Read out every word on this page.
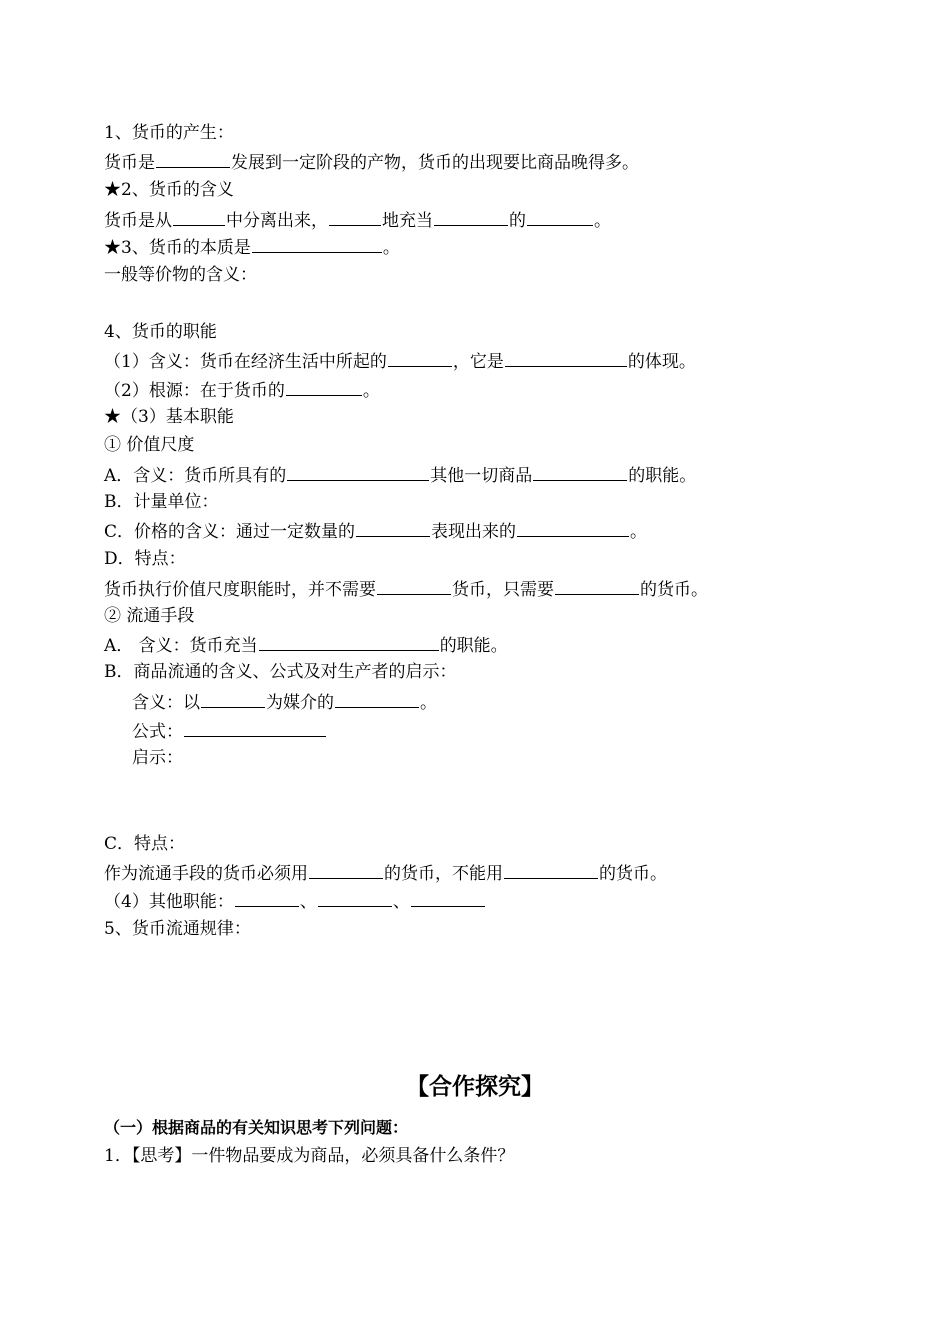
1、货币的产生：
货币是	发展到一定阶段的产物，货币的出现要比商品晚得多。
★2、货币的含义
货币是从	中分离出来，	地充当	的	。
★3、货币的本质是	。
一般等价物的含义：
4、货币的职能
（1）含义：货币在经济生活中所起的	，它是	的体现。
（2）根源：在于货币的	。
★（3）基本职能
① 价值尺度
A．含义：货币所具有的	其他一切商品	的职能。
B．计量单位：
C．价格的含义：通过一定数量的	表现出来的	。
D．特点：
货币执行价值尺度职能时，并不需要	货币，只需要	的货币。
② 流通手段
A． 含义：货币充当	的职能。
B．商品流通的含义、公式及对生产者的启示：
含义：以	为媒介的	。
公式：
启示：
C．特点：
作为流通手段的货币必须用	的货币，不能用	的货币。
（4）其他职能：	、	、
5、货币流通规律：
【合作探究】
（一）根据商品的有关知识思考下列问题：
1．【思考】一件物品要成为商品，必须具备什么条件？
